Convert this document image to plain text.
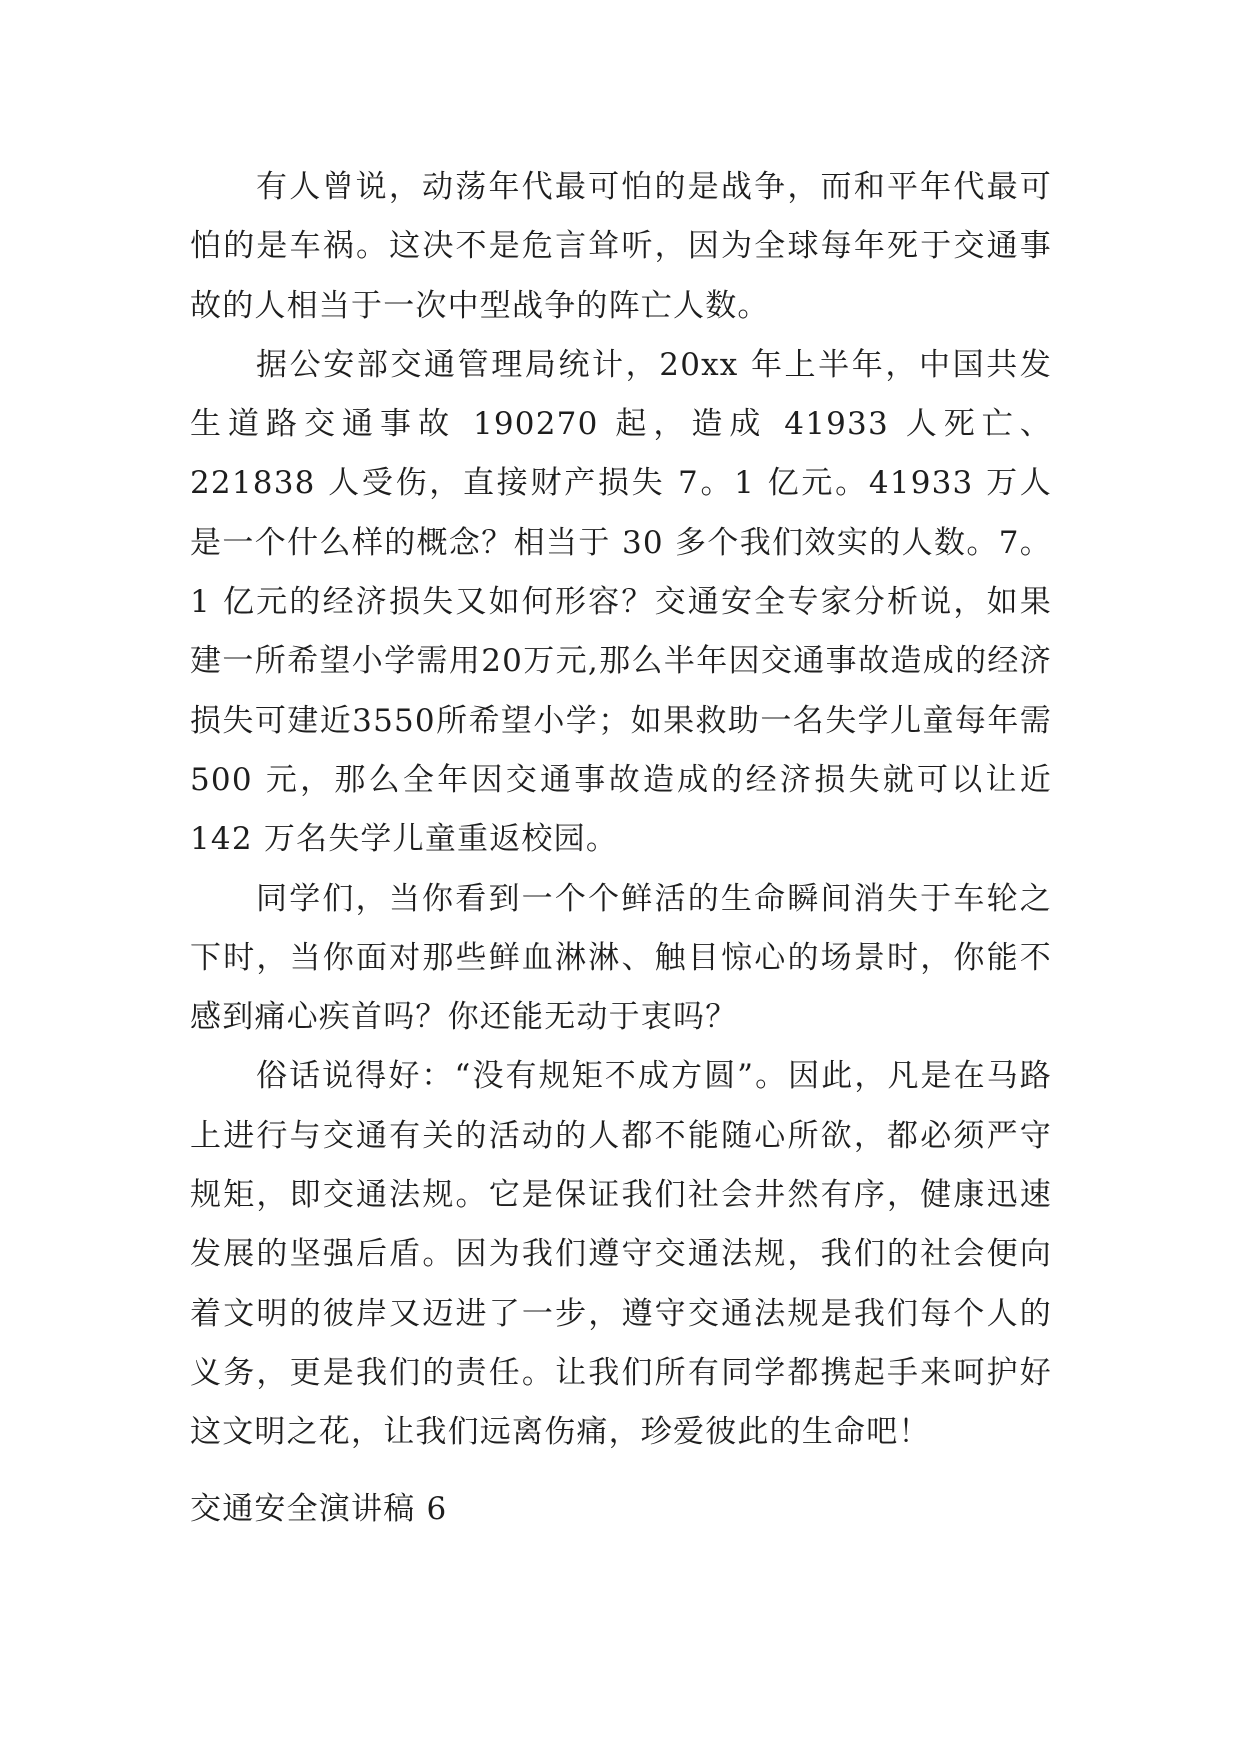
有人曾说，动荡年代最可怕的是战争，而和平年代最可怕的是车祸。这决不是危言耸听，因为全球每年死于交通事故的人相当于一次中型战争的阵亡人数。

据公安部交通管理局统计，20xx 年上半年，中国共发生道路交通事故 190270 起，造成 41933 人死亡、221838 人受伤，直接财产损失 7。1 亿元。41933 万人是一个什么样的概念？相当于 30 多个我们效实的人数。7。1 亿元的经济损失又如何形容？交通安全专家分析说，如果建一所希望小学需用20万元,那么半年因交通事故造成的经济损失可建近3550所希望小学；如果救助一名失学儿童每年需 500 元，那么全年因交通事故造成的经济损失就可以让近 142 万名失学儿童重返校园。

同学们，当你看到一个个鲜活的生命瞬间消失于车轮之下时，当你面对那些鲜血淋淋、触目惊心的场景时，你能不感到痛心疾首吗？你还能无动于衷吗？

俗话说得好：“没有规矩不成方圆”。因此，凡是在马路上进行与交通有关的活动的人都不能随心所欲，都必须严守规矩，即交通法规。它是保证我们社会井然有序，健康迅速发展的坚强后盾。因为我们遵守交通法规，我们的社会便向着文明的彼岸又迈进了一步，遵守交通法规是我们每个人的义务，更是我们的责任。让我们所有同学都携起手来呵护好这文明之花，让我们远离伤痛，珍爱彼此的生命吧！

交通安全演讲稿 6
